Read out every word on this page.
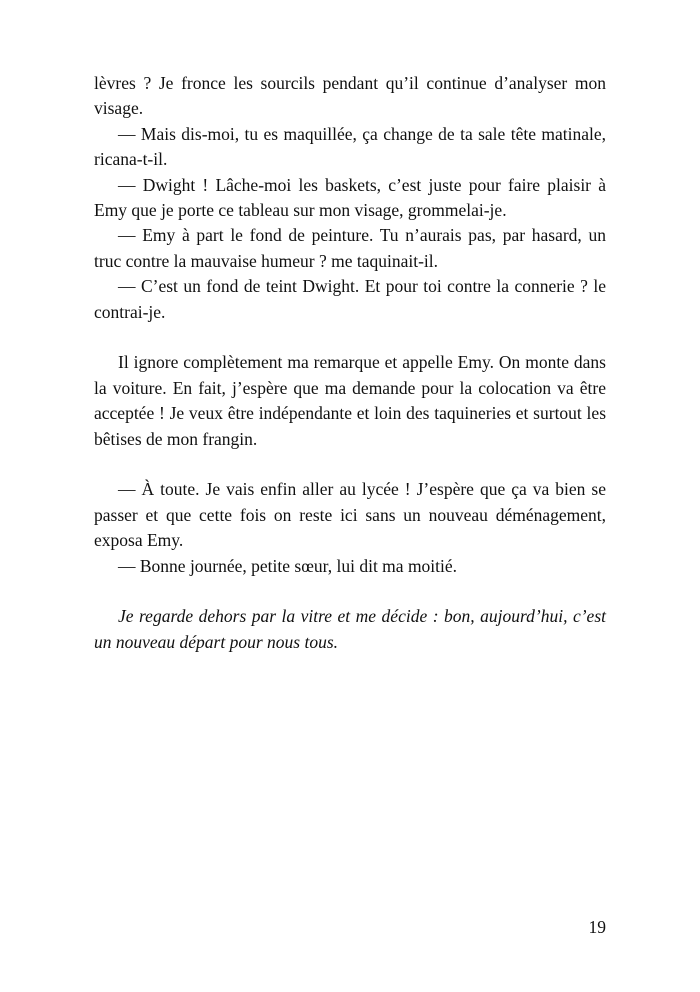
lèvres ? Je fronce les sourcils pendant qu’il continue d’analyser mon visage.

— Mais dis-moi, tu es maquillée, ça change de ta sale tête matinale, ricana-t-il.

— Dwight ! Lâche-moi les baskets, c’est juste pour faire plaisir à Emy que je porte ce tableau sur mon visage, grommelai-je.

— Emy à part le fond de peinture. Tu n’aurais pas, par hasard, un truc contre la mauvaise humeur ? me taquinait-il.

— C’est un fond de teint Dwight. Et pour toi contre la connerie ? le contrai-je.

Il ignore complètement ma remarque et appelle Emy. On monte dans la voiture. En fait, j’espère que ma demande pour la colocation va être acceptée ! Je veux être indépendante et loin des taquineries et surtout les bêtises de mon frangin.

— À toute. Je vais enfin aller au lycée ! J’espère que ça va bien se passer et que cette fois on reste ici sans un nouveau déménagement, exposa Emy.

— Bonne journée, petite sœur, lui dit ma moitié.

Je regarde dehors par la vitre et me décide : bon, aujourd’hui, c’est un nouveau départ pour nous tous.

19
